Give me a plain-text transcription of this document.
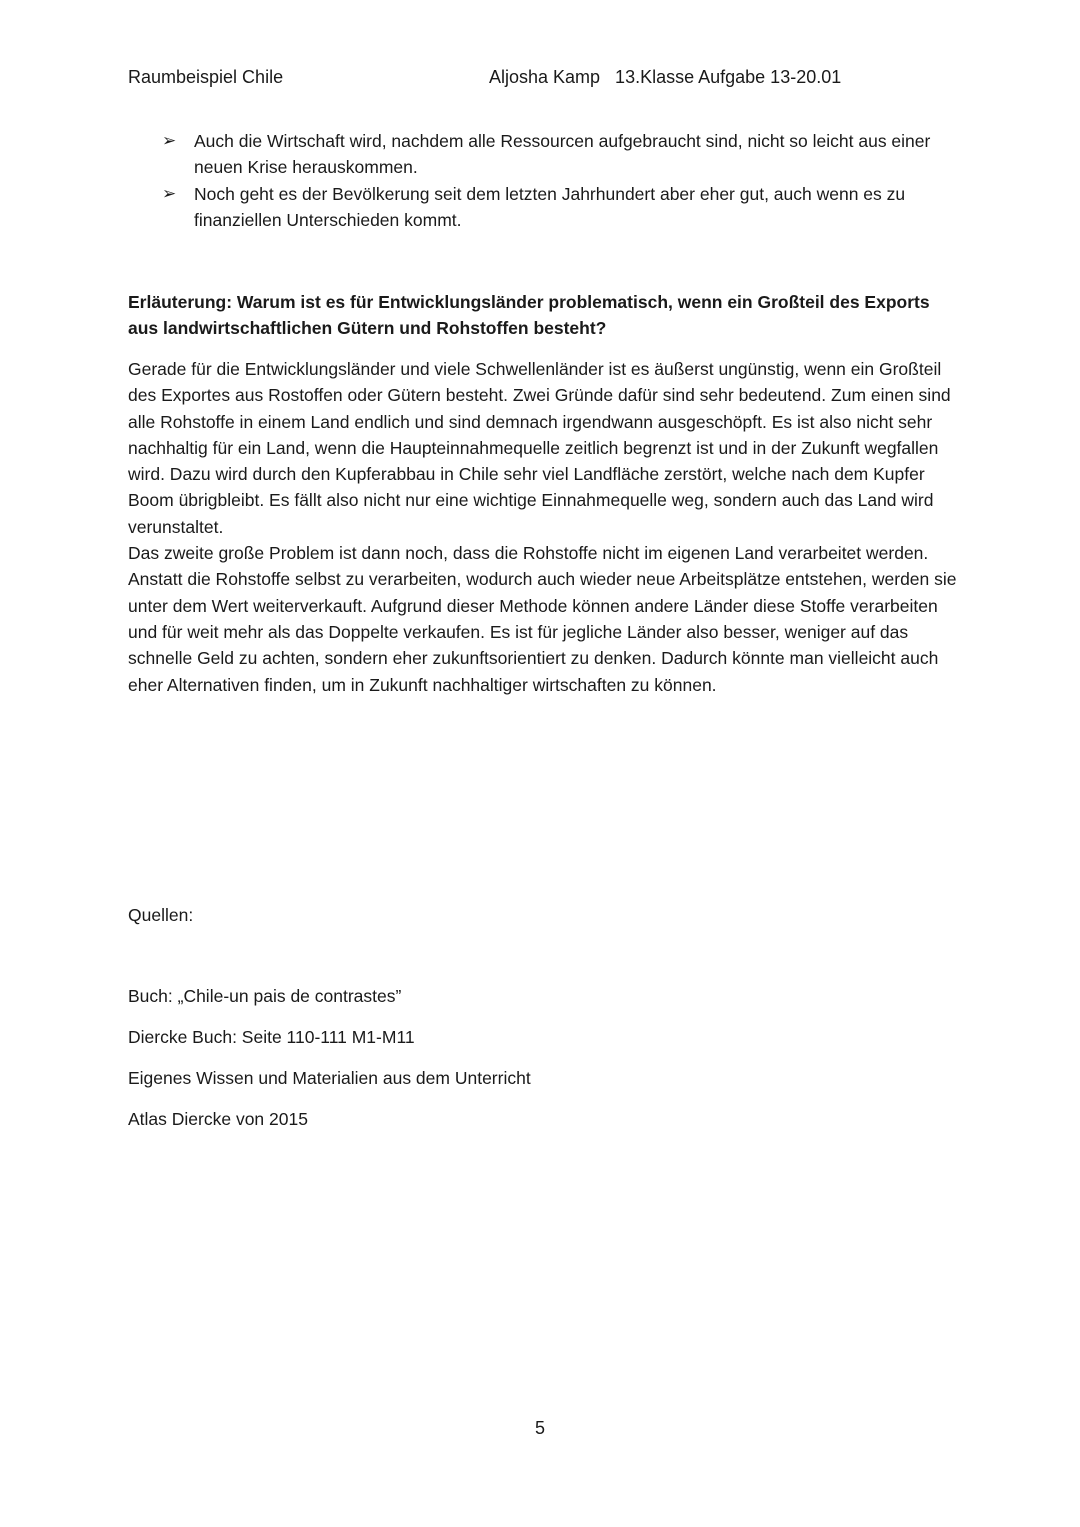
Raumbeispiel Chile	Aljosha Kamp   13.Klasse Aufgabe 13-20.01
➢ Auch die Wirtschaft wird, nachdem alle Ressourcen aufgebraucht sind, nicht so leicht aus einer neuen Krise herauskommen.
➢ Noch geht es der Bevölkerung seit dem letzten Jahrhundert aber eher gut, auch wenn es zu finanziellen Unterschieden kommt.

Erläuterung: Warum ist es für Entwicklungsländer problematisch, wenn ein Großteil des Exports aus landwirtschaftlichen Gütern und Rohstoffen besteht?

Gerade für die Entwicklungsländer und viele Schwellenländer ist es äußerst ungünstig, wenn ein Großteil des Exportes aus Rostoffen oder Gütern besteht. Zwei Gründe dafür sind sehr bedeutend. Zum einen sind alle Rohstoffe in einem Land endlich und sind demnach irgendwann ausgeschöpft. Es ist also nicht sehr nachhaltig für ein Land, wenn die Haupteinnahmequelle zeitlich begrenzt ist und in der Zukunft wegfallen wird. Dazu wird durch den Kupferabbau in Chile sehr viel Landfläche zerstört, welche nach dem Kupfer Boom übrigbleibt. Es fällt also nicht nur eine wichtige Einnahmequelle weg, sondern auch das Land wird verunstaltet.

Das zweite große Problem ist dann noch, dass die Rohstoffe nicht im eigenen Land verarbeitet werden. Anstatt die Rohstoffe selbst zu verarbeiten, wodurch auch wieder neue Arbeitsplätze entstehen, werden sie unter dem Wert weiterverkauft. Aufgrund dieser Methode können andere Länder diese Stoffe verarbeiten und für weit mehr als das Doppelte verkaufen. Es ist für jegliche Länder also besser, weniger auf das schnelle Geld zu achten, sondern eher zukunftsorientiert zu denken. Dadurch könnte man vielleicht auch eher Alternativen finden, um in Zukunft nachhaltiger wirtschaften zu können.

Quellen:
Buch: „Chile-un pais de contrastes”
Diercke Buch: Seite 110-111 M1-M11
Eigenes Wissen und Materialien aus dem Unterricht
Atlas Diercke von 2015
5
